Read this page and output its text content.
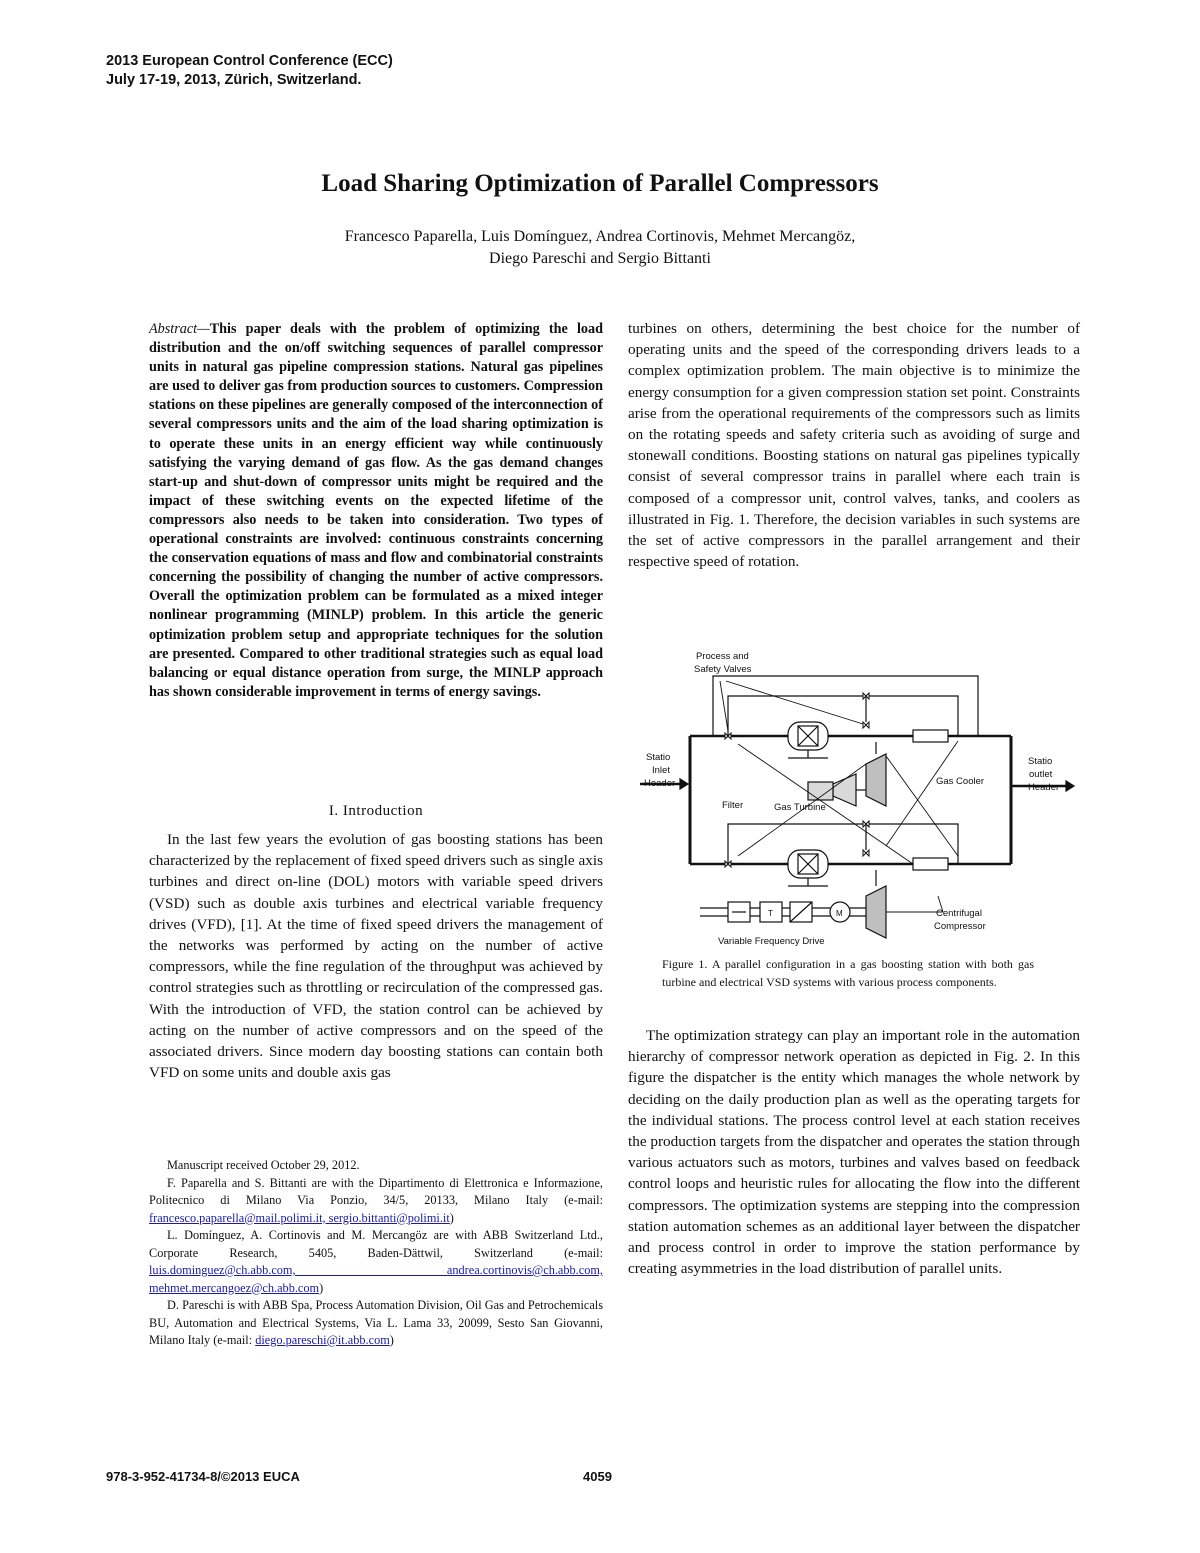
2013 European Control Conference (ECC)
July 17-19, 2013, Zürich, Switzerland.
Load Sharing Optimization of Parallel Compressors
Francesco Paparella, Luis Domínguez, Andrea Cortinovis, Mehmet Mercangöz,
Diego Pareschi and Sergio Bittanti
Abstract—This paper deals with the problem of optimizing the load distribution and the on/off switching sequences of parallel compressor units in natural gas pipeline compression stations. Natural gas pipelines are used to deliver gas from production sources to customers. Compression stations on these pipelines are generally composed of the interconnection of several compressors units and the aim of the load sharing optimization is to operate these units in an energy efficient way while continuously satisfying the varying demand of gas flow. As the gas demand changes start-up and shut-down of compressor units might be required and the impact of these switching events on the expected lifetime of the compressors also needs to be taken into consideration. Two types of operational constraints are involved: continuous constraints concerning the conservation equations of mass and flow and combinatorial constraints concerning the possibility of changing the number of active compressors. Overall the optimization problem can be formulated as a mixed integer nonlinear programming (MINLP) problem. In this article the generic optimization problem setup and appropriate techniques for the solution are presented. Compared to other traditional strategies such as equal load balancing or equal distance operation from surge, the MINLP approach has shown considerable improvement in terms of energy savings.
I. Introduction
In the last few years the evolution of gas boosting stations has been characterized by the replacement of fixed speed drivers such as single axis turbines and direct on-line (DOL) motors with variable speed drivers (VSD) such as double axis turbines and electrical variable frequency drives (VFD), [1]. At the time of fixed speed drivers the management of the networks was performed by acting on the number of active compressors, while the fine regulation of the throughput was achieved by control strategies such as throttling or recirculation of the compressed gas. With the introduction of VFD, the station control can be achieved by acting on the number of active compressors and on the speed of the associated drivers. Since modern day boosting stations can contain both VFD on some units and double axis gas

Manuscript received October 29, 2012.

F. Paparella and S. Bittanti are with the Dipartimento di Elettronica e Informazione, Politecnico di Milano Via Ponzio, 34/5, 20133, Milano Italy (e-mail: francesco.paparella@mail.polimi.it, sergio.bittanti@polimi.it)

L. Domínguez, A. Cortinovis and M. Mercangöz are with ABB Switzerland Ltd., Corporate Research, 5405, Baden-Dättwil, Switzerland (e-mail: luis.dominguez@ch.abb.com, andrea.cortinovis@ch.abb.com, mehmet.mercangoez@ch.abb.com)

D. Pareschi is with ABB Spa, Process Automation Division, Oil Gas and Petrochemicals BU, Automation and Electrical Systems, Via L. Lama 33, 20099, Sesto San Giovanni, Milano Italy (e-mail: diego.pareschi@it.abb.com)

turbines on others, determining the best choice for the number of operating units and the speed of the corresponding drivers leads to a complex optimization problem. The main objective is to minimize the energy consumption for a given compression station set point. Constraints arise from the operational requirements of the compressors such as limits on the rotating speeds and safety criteria such as avoiding of surge and stonewall conditions. Boosting stations on natural gas pipelines typically consist of several compressor trains in parallel where each train is composed of a compressor unit, control valves, tanks, and coolers as illustrated in Fig. 1. Therefore, the decision variables in such systems are the set of active compressors in the parallel arrangement and their respective speed of rotation.
Process and
Safety Valves
Statio
Inlet
Header
Statio
outlet
Header
Filter	Gas Turbine
Gas Cooler
Centrifugal
Compressor
Variable Frequency Drive
T	M
Figure 1. A parallel configuration in a gas boosting station with both gas turbine and electrical VSD systems with various process components.
The optimization strategy can play an important role in the automation hierarchy of compressor network operation as depicted in Fig. 2. In this figure the dispatcher is the entity which manages the whole network by deciding on the daily production plan as well as the operating targets for the individual stations. The process control level at each station receives the production targets from the dispatcher and operates the station through various actuators such as motors, turbines and valves based on feedback control loops and heuristic rules for allocating the flow into the different compressors. The optimization systems are stepping into the compression station automation schemes as an additional layer between the dispatcher and process control in order to improve the station performance by creating asymmetries in the load distribution of parallel units.
978-3-952-41734-8/©2013 EUCA	4059
